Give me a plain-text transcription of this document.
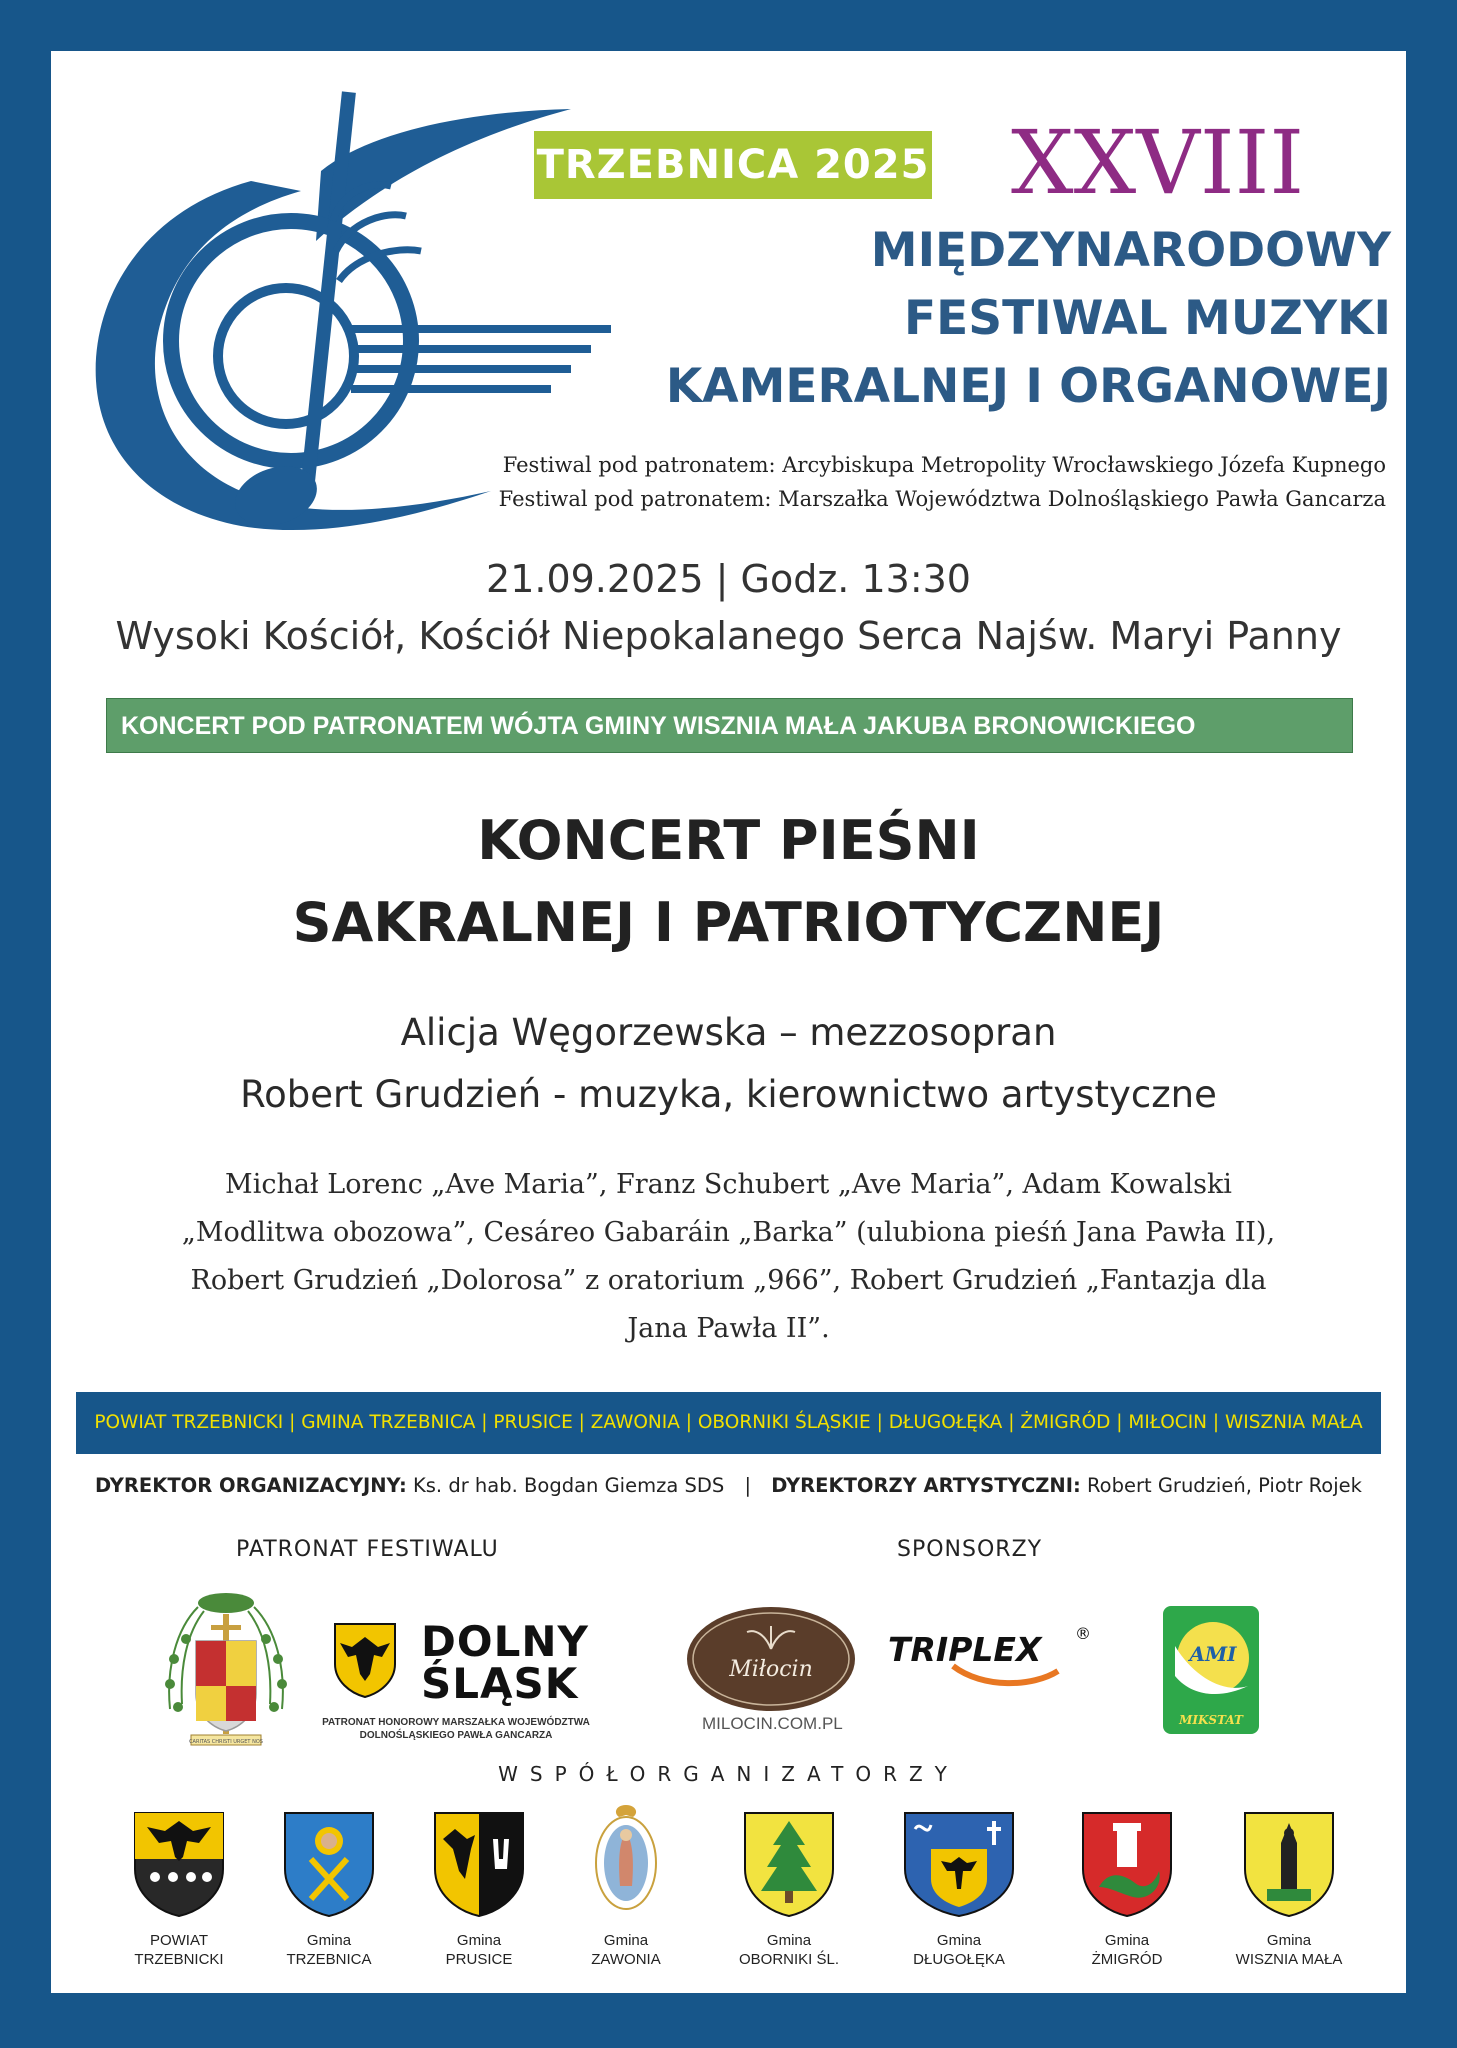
TRZEBNICA 2025 XXVIII
MIĘDZYNARODOWY
FESTIWAL MUZYKI
KAMERALNEJ I ORGANOWEJ
Festiwal pod patronatem: Arcybiskupa Metropolity Wrocławskiego Józefa Kupnego
Festiwal pod patronatem: Marszałka Województwa Dolnośląskiego Pawła Gancarza
21.09.2025 | Godz. 13:30
Wysoki Kościół, Kościół Niepokalanego Serca Najśw. Maryi Panny
KONCERT POD PATRONATEM WÓJTA GMINY WISZNIA MAŁA JAKUBA BRONOWICKIEGO
KONCERT PIEŚNI
SAKRALNEJ I PATRIOTYCZNEJ
Alicja Węgorzewska – mezzosopran
Robert Grudzień - muzyka, kierownictwo artystyczne
Michał Lorenc „Ave Maria”, Franz Schubert „Ave Maria”, Adam Kowalski
„Modlitwa obozowa”, Cesáreo Gabaráin „Barka” (ulubiona pieśń Jana Pawła II),
Robert Grudzień „Dolorosa” z oratorium „966”, Robert Grudzień „Fantazja dla
Jana Pawła II”.
POWIAT TRZEBNICKI | GMINA TRZEBNICA | PRUSICE | ZAWONIA | OBORNIKI ŚLĄSKIE | DŁUGOŁĘKA | ŻMIGRÓD | MIŁOCIN | WISZNIA MAŁA
DYREKTOR ORGANIZACYJNY: Ks. dr hab. Bogdan Giemza SDS | DYREKTORZY ARTYSTYCZNI: Robert Grudzień, Piotr Rojek
PATRONAT FESTIWALU	SPONSORZY
CARITAS CHRISTI URGET NOS
DOLNY
ŚLĄSK
PATRONAT HONOROWY MARSZAŁKA WOJEWÓDZTWA
DOLNOŚLĄSKIEGO PAWŁA GANCARZA
Miłocin
MILOCIN.COM.PL
TRIPLEX ®
AMI
MIKSTAT
WSPÓŁORGANIZATORZY
POWIAT
TRZEBNICKI
Gmina
TRZEBNICA
Gmina
PRUSICE
Gmina
ZAWONIA
Gmina
OBORNIKI ŚL.
Gmina
DŁUGOŁĘKA
Gmina
ŻMIGRÓD
Gmina
WISZNIA MAŁA
